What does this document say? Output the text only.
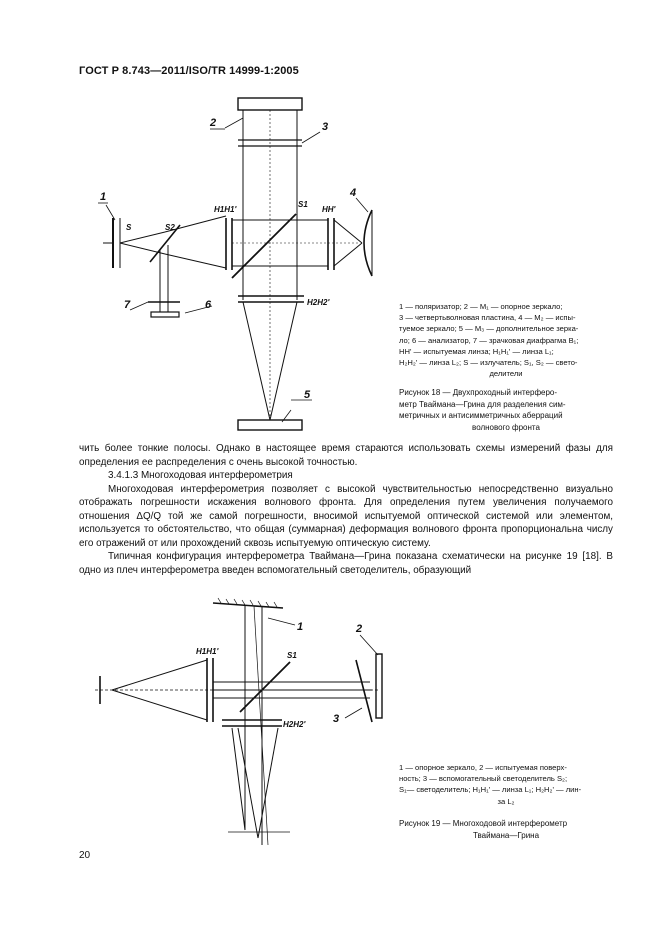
ГОСТ Р 8.743—2011/ISO/TR 14999-1:2005
1
2	3
4
5
6
7
S	S2
S1
H1H1'	HH'
H2H2'	1 — поляризатор; 2 — M₁ — опорное зеркало;
3 — четвертьволновая пластина, 4 — M₂ — испы-
туемое зеркало; 5 — M₃ — дополнительное зерка-
ло; 6 — анализатор, 7 — зрачковая диафрагма B₁;
HH' — испытуемая линза; H₁H₁' — линза L₁;
H₂H₂' — линза L₂; S — излучатель; S₁, S₂ — свето-
делители
Рисунок 18 — Двухпроходный интерферо-
метр Тваймана—Грина для разделения сим-
метричных и антисимметричных аберраций
волнового фронта

чить более тонкие полосы. Однако в настоящее время стараются использовать схемы измерений фазы для определения ее распределения с очень высокой точностью.

3.4.1.3 Многоходовая интерферометрия

Многоходовая интерферометрия позволяет с высокой чувствительностью непосредственно визуально отображать погрешности искажения волнового фронта. Для определения путем увеличения получаемого отношения ΔQ/Q той же самой погрешности, вносимой испытуемой оптической системой или элементом, используется то обстоятельство, что общая (суммарная) деформация волнового фронта пропорциональна числу его отражений от или прохождений сквозь испытуемую оптическую систему.

Типичная конфигурация интерферометра Тваймана—Грина показана схематически на рисунке 19 [18]. В одно из плеч интерферометра введен вспомогательный светоделитель, образующий

1	2
3
H1H1'	S1
H2H2'
1 — опорное зеркало, 2 — испытуемая поверх-
ность; 3 — вспомогательный светоделитель S₂;
S₁— светоделитель; H₁H₁' — линза L₁; H₂H₂' — лин-
за L₂
Рисунок 19 — Многоходовой интерферометр
Тваймана—Грина
20
